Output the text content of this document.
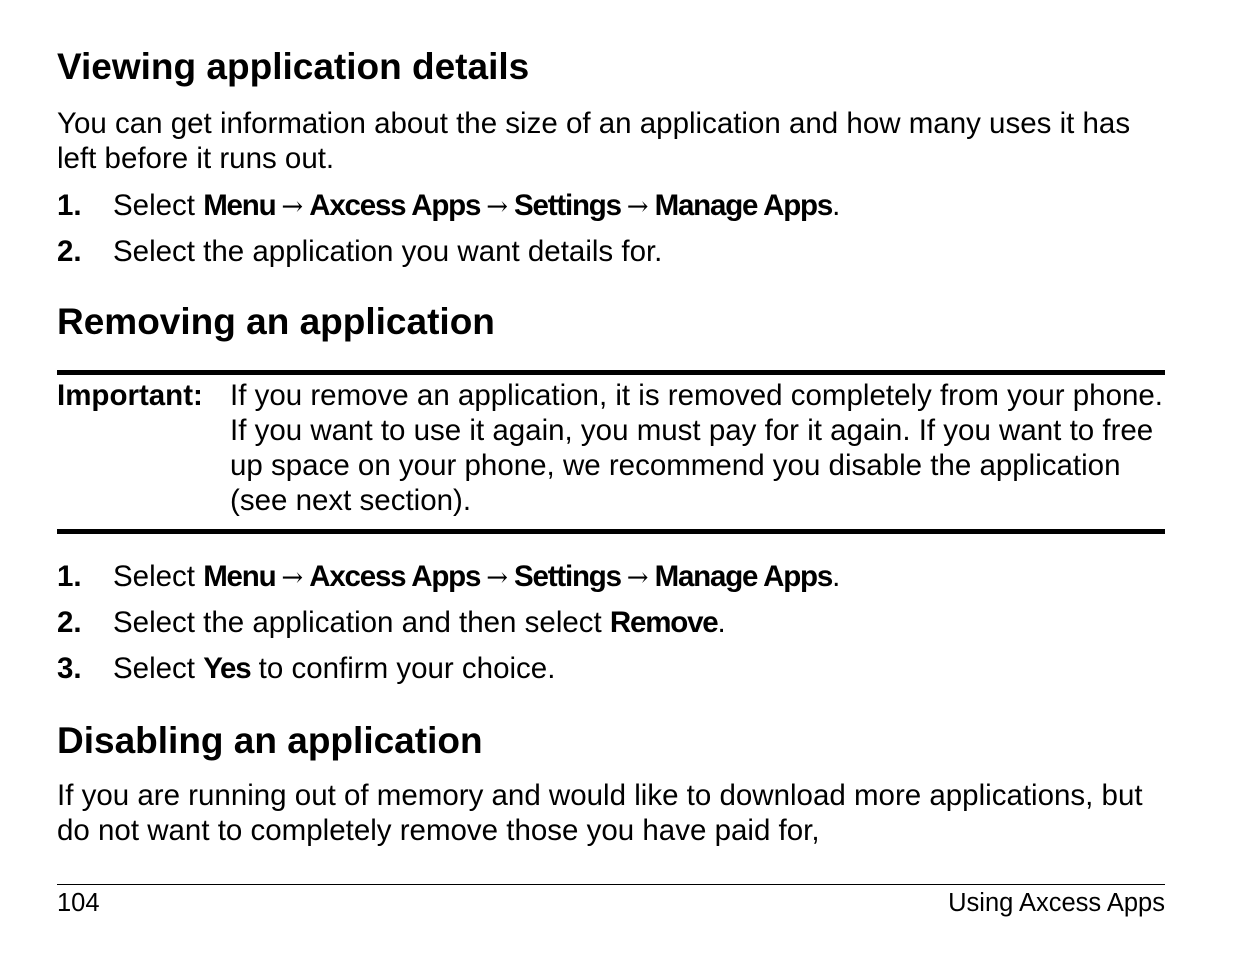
Viewing application details

You can get information about the size of an application and how many uses it has left before it runs out.

1. Select Menu → Axcess Apps → Settings → Manage Apps.
2. Select the application you want details for.
Removing an application
Important: If you remove an application, it is removed completely from your phone. If you want to use it again, you must pay for it again. If you want to free up space on your phone, we recommend you disable the application (see next section).
1. Select Menu → Axcess Apps → Settings → Manage Apps.
2. Select the application and then select Remove.
3. Select Yes to confirm your choice.
Disabling an application

If you are running out of memory and would like to download more applications, but do not want to completely remove those you have paid for,

104	Using Axcess Apps
